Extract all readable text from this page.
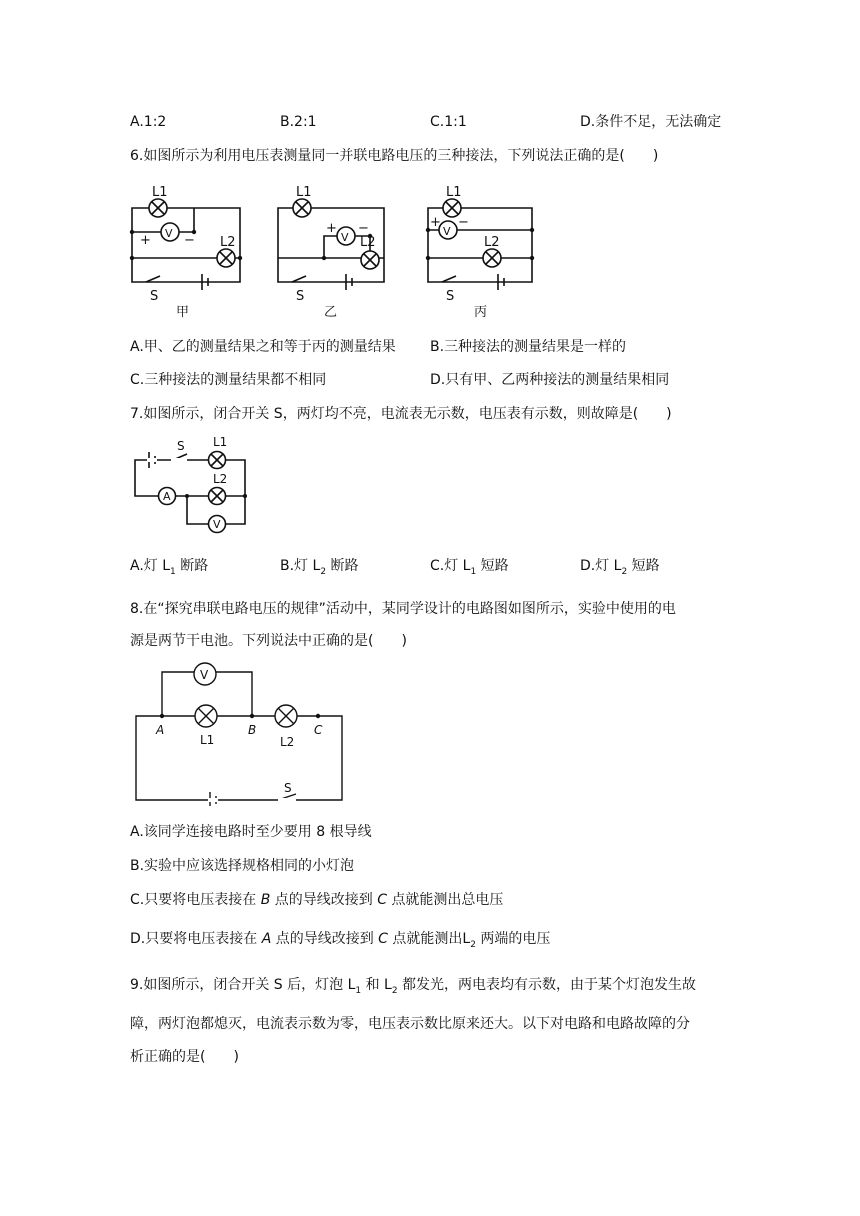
A.1:2	B.2:1	C.1:1	D.条件不足，无法确定
6.如图所示为利用电压表测量同一并联电路电压的三种接法，下列说法正确的是(　　)
L1
L2
V
+	−
S
甲
L1
L2
V
+ −
S
乙
L1
L2
V
+ −
S
丙
A.甲、乙的测量结果之和等于丙的测量结果 B.三种接法的测量结果是一样的
C.三种接法的测量结果都不相同	D.只有甲、乙两种接法的测量结果相同
7.如图所示，闭合开关 S，两灯均不亮，电流表无示数，电压表有示数，则故障是(　　)
S L1
L2
A
V
A.灯 $L_1$ 断路	B.灯 $L_2$ 断路	C.灯 $L_1$ 短路	D.灯 $L_2$ 短路
8.在“探究串联电路电压的规律”活动中，某同学设计的电路图如图所示，实验中使用的电
源是两节干电池。下列说法中正确的是(　　)
V
A	B	C
L1	L2
S
A.该同学连接电路时至少要用 8 根导线
B.实验中应该选择规格相同的小灯泡
C.只要将电压表接在 B 点的导线改接到 C 点就能测出总电压
D.只要将电压表接在 A 点的导线改接到 C 点就能测出$L_2$ 两端的电压
9.如图所示，闭合开关 S 后，灯泡 $L_1$ 和 $L_2$ 都发光，两电表均有示数，由于某个灯泡发生故
障，两灯泡都熄灭，电流表示数为零，电压表示数比原来还大。以下对电路和电路故障的分
析正确的是(　　)
